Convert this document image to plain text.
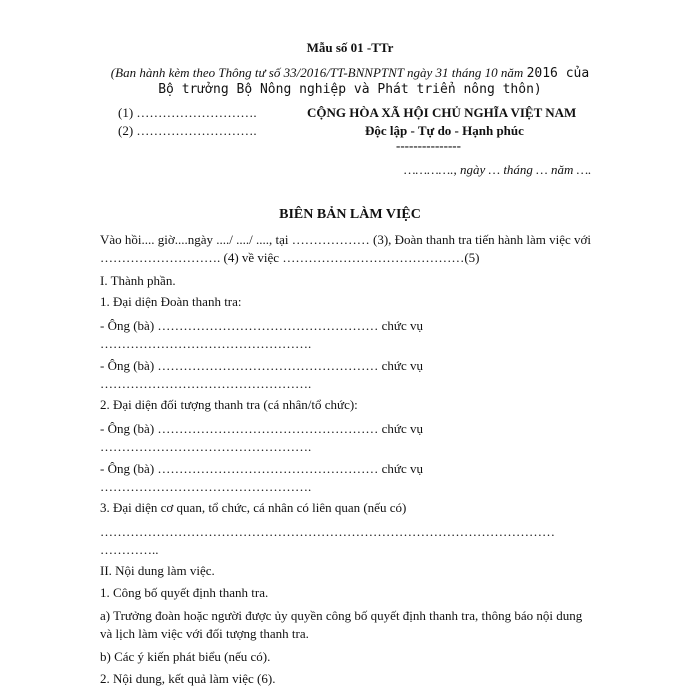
Mẫu số 01 -TTr
(Ban hành kèm theo Thông tư số 33/2016/TT-BNNPTNT ngày 31 tháng 10 năm 2016 của
Bộ trưởng Bộ Nông nghiệp và Phát triển nông thôn)
(1) ……………………….
(2) ……………………….
CỘNG HÒA XÃ HỘI CHỦ NGHĨA VIỆT NAM
Độc lập - Tự do - Hạnh phúc
---------------
…………., ngày … tháng … năm ….
BIÊN BẢN LÀM VIỆC
Vào hồi.... giờ....ngày ..../ ..../ ...., tại ……………… (3), Đoàn thanh tra tiến hành làm việc với
………………………. (4) về việc ……………………………………(5)
I. Thành phần.
1. Đại diện Đoàn thanh tra:
- Ông (bà) …………………………………………… chức vụ
………………………………………….
- Ông (bà) …………………………………………… chức vụ
………………………………………….
2. Đại diện đối tượng thanh tra (cá nhân/tổ chức):
- Ông (bà) …………………………………………… chức vụ
………………………………………….
- Ông (bà) …………………………………………… chức vụ
………………………………………….
3. Đại diện cơ quan, tổ chức, cá nhân có liên quan (nếu có)
……………………………………………………………………………………………
…………..
II. Nội dung làm việc.
1. Công bố quyết định thanh tra.
a) Trưởng đoàn hoặc người được ủy quyền công bố quyết định thanh tra, thông báo nội dung
và lịch làm việc với đối tượng thanh tra.
b) Các ý kiến phát biểu (nếu có).
2. Nội dung, kết quả làm việc (6).
